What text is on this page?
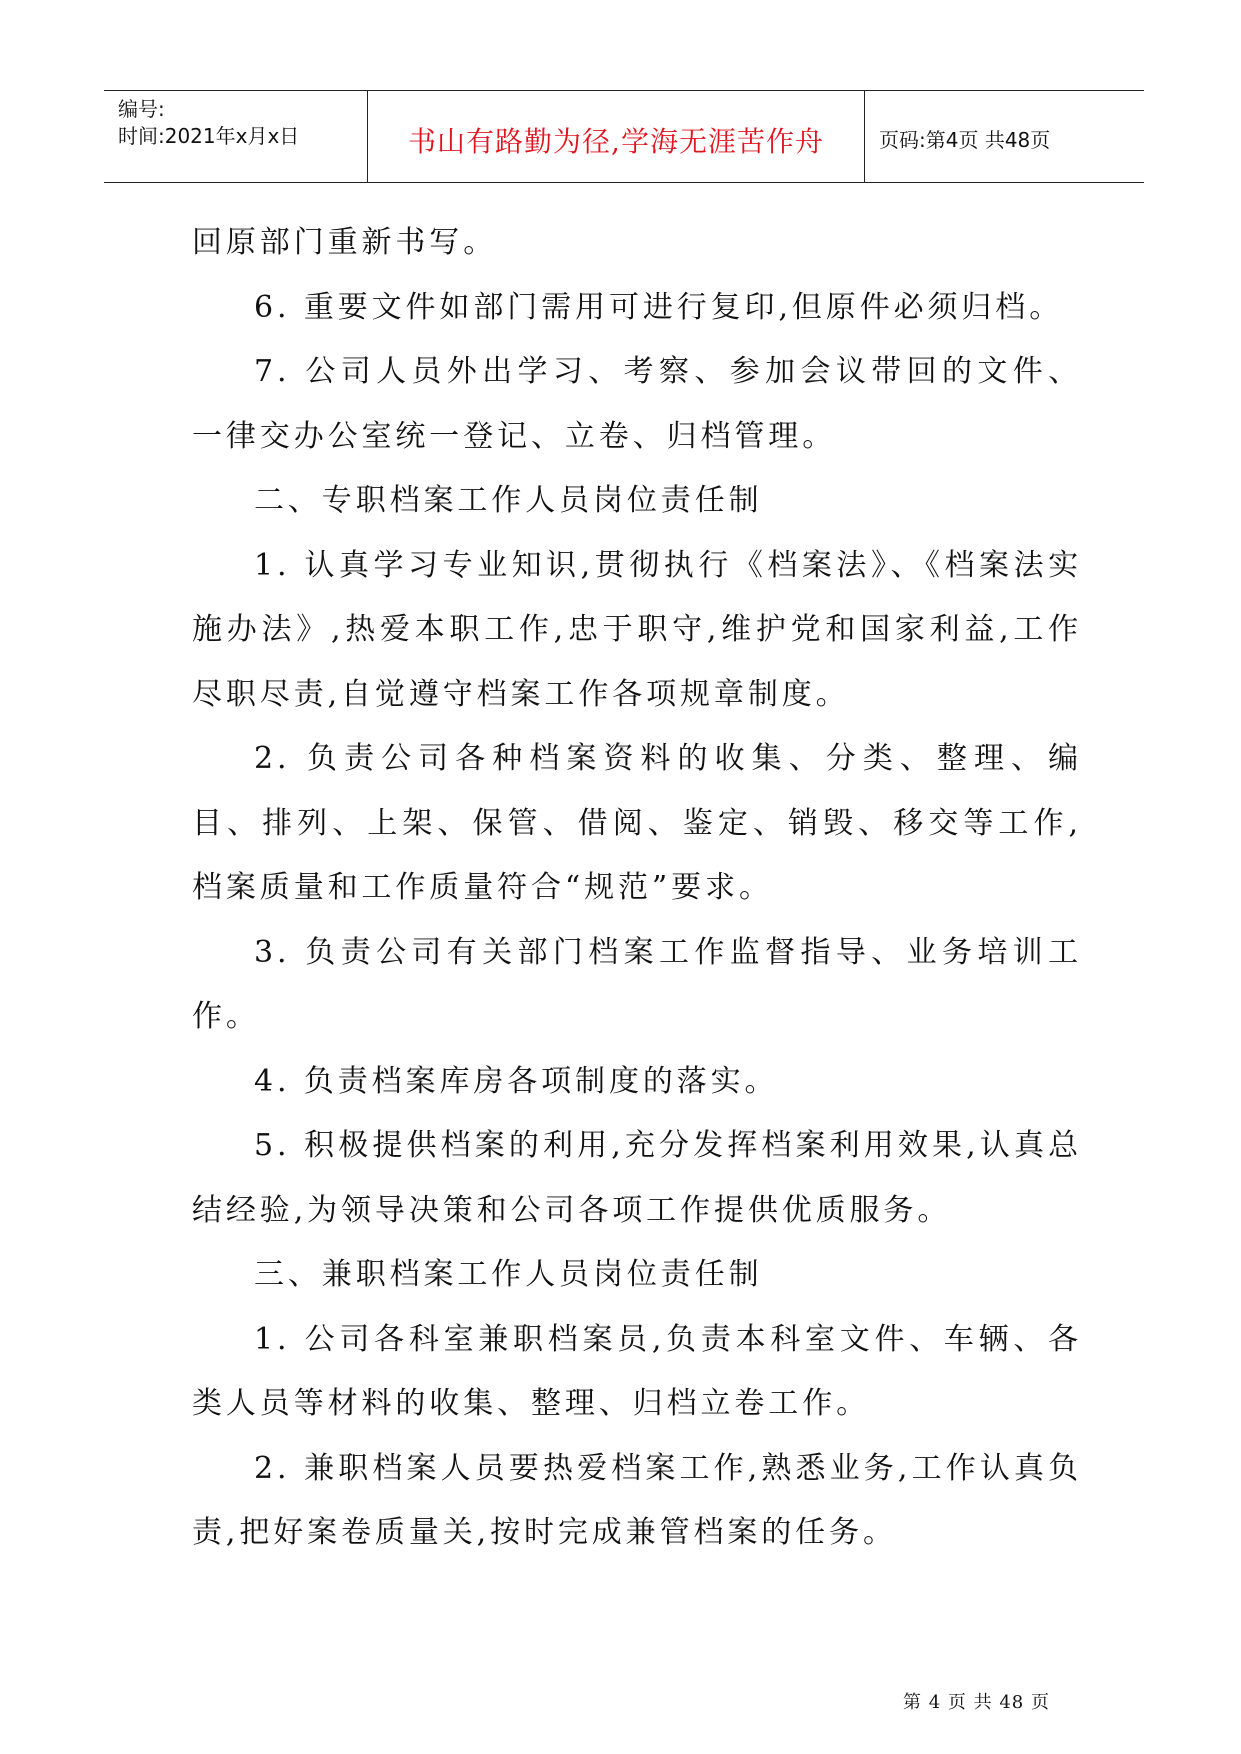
编号:
时间:2021年x月x日	书山有路勤为径,学海无涯苦作舟	页码:第4页 共48页

回原部门重新书写。

6. 重要文件如部门需用可进行复印,但原件必须归档。

7. 公司人员外出学习、考察、参加会议带回的文件、一律交办公室统一登记、立卷、归档管理。

二、专职档案工作人员岗位责任制

1. 认真学习专业知识,贯彻执行《档案法》、《档案法实施办法》,热爱本职工作,忠于职守,维护党和国家利益,工作尽职尽责,自觉遵守档案工作各项规章制度。

2. 负责公司各种档案资料的收集、分类、整理、编目、排列、上架、保管、借阅、鉴定、销毁、移交等工作,档案质量和工作质量符合“规范”要求。

3. 负责公司有关部门档案工作监督指导、业务培训工作。

4. 负责档案库房各项制度的落实。

5. 积极提供档案的利用,充分发挥档案利用效果,认真总结经验,为领导决策和公司各项工作提供优质服务。

三、兼职档案工作人员岗位责任制

1. 公司各科室兼职档案员,负责本科室文件、车辆、各类人员等材料的收集、整理、归档立卷工作。

2. 兼职档案人员要热爱档案工作,熟悉业务,工作认真负责,把好案卷质量关,按时完成兼管档案的任务。

第 4 页 共 48 页
